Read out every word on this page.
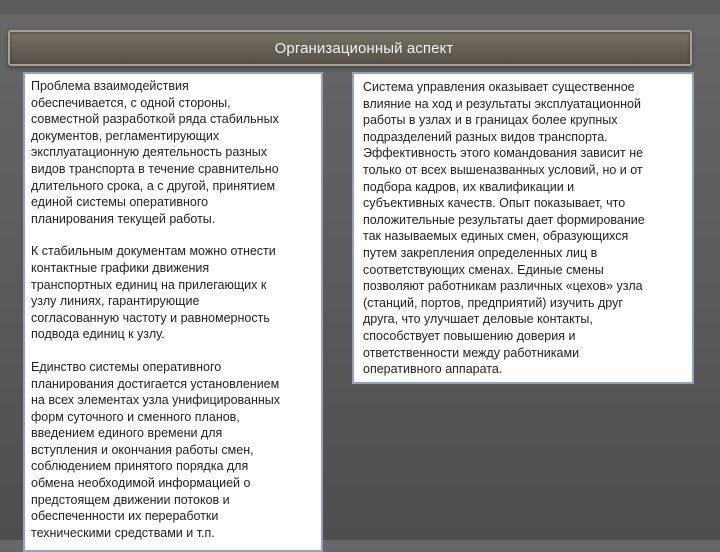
Организационный аспект

Проблема взаимодействия
обеспечивается, с одной стороны,
совместной разработкой ряда стабильных
документов, регламентирующих
эксплуатационную деятельность разных
видов транспорта в течение сравнительно
длительного срока, а с другой, принятием
единой системы оперативного
планирования текущей работы.

К стабильным документам можно отнести
контактные графики движения
транспортных единиц на прилегающих к
узлу линиях, гарантирующие
согласованную частоту и равномерность
подвода единиц к узлу.

Единство системы оперативного
планирования достигается установлением
на всех элементах узла унифицированных
форм суточного и сменного планов,
введением единого времени для
вступления и окончания работы смен,
соблюдением принятого порядка для
обмена необходимой информацией о
предстоящем движении потоков и
обеспеченности их переработки
техническими средствами и т.п.

Система управления оказывает существенное
влияние на ход и результаты эксплуатационной
работы в узлах и в границах более крупных
подразделений разных видов транспорта.
Эффективность этого командования зависит не
только от всех вышеназванных условий, но и от
подбора кадров, их квалификации и
субъективных качеств. Опыт показывает, что
положительные результаты дает формирование
так называемых единых смен, образующихся
путем закрепления определенных лиц в
соответствующих сменах. Единые смены
позволяют работникам различных «цехов» узла
(станций, портов, предприятий) изучить друг
друга, что улучшает деловые контакты,
способствует повышению доверия и
ответственности между работниками
оперативного аппарата.
